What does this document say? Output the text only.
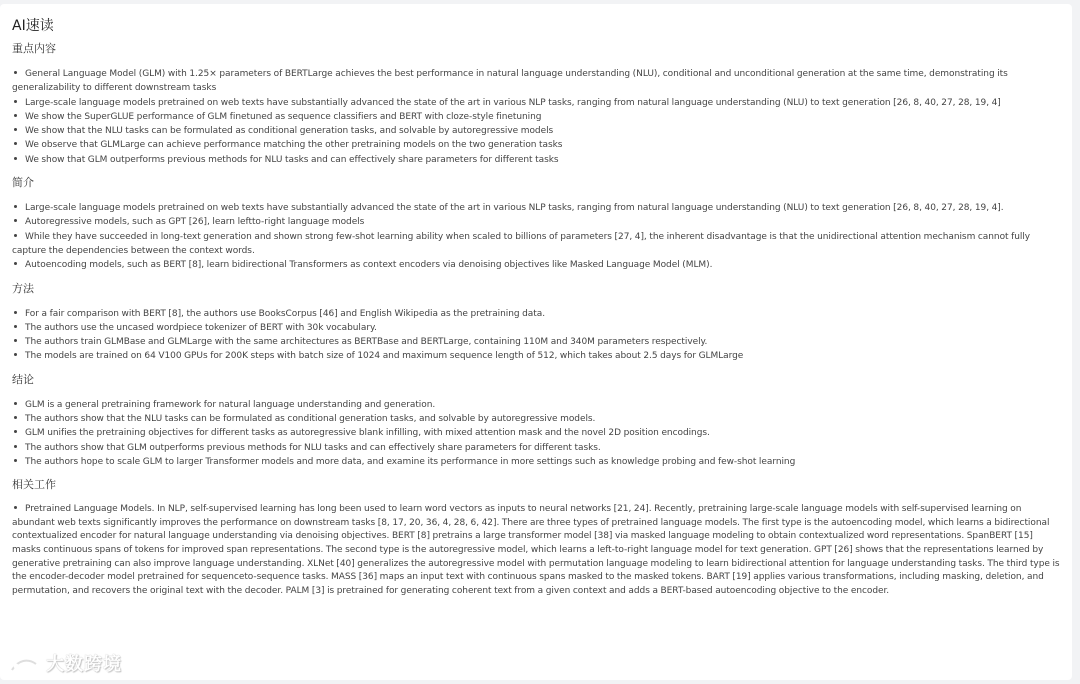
AI速读
重点内容
General Language Model (GLM) with 1.25× parameters of BERTLarge achieves the best performance in natural language understanding (NLU), conditional and unconditional generation at the same time, demonstrating its generalizability to different downstream tasks
Large-scale language models pretrained on web texts have substantially advanced the state of the art in various NLP tasks, ranging from natural language understanding (NLU) to text generation [26, 8, 40, 27, 28, 19, 4]
We show the SuperGLUE performance of GLM finetuned as sequence classifiers and BERT with cloze-style finetuning
We show that the NLU tasks can be formulated as conditional generation tasks, and solvable by autoregressive models
We observe that GLMLarge can achieve performance matching the other pretraining models on the two generation tasks
We show that GLM outperforms previous methods for NLU tasks and can effectively share parameters for different tasks
简介
Large-scale language models pretrained on web texts have substantially advanced the state of the art in various NLP tasks, ranging from natural language understanding (NLU) to text generation [26, 8, 40, 27, 28, 19, 4].
Autoregressive models, such as GPT [26], learn leftto-right language models
While they have succeeded in long-text generation and shown strong few-shot learning ability when scaled to billions of parameters [27, 4], the inherent disadvantage is that the unidirectional attention mechanism cannot fully capture the dependencies between the context words.
Autoencoding models, such as BERT [8], learn bidirectional Transformers as context encoders via denoising objectives like Masked Language Model (MLM).
方法
For a fair comparison with BERT [8], the authors use BooksCorpus [46] and English Wikipedia as the pretraining data.
The authors use the uncased wordpiece tokenizer of BERT with 30k vocabulary.
The authors train GLMBase and GLMLarge with the same architectures as BERTBase and BERTLarge, containing 110M and 340M parameters respectively.
The models are trained on 64 V100 GPUs for 200K steps with batch size of 1024 and maximum sequence length of 512, which takes about 2.5 days for GLMLarge
结论
GLM is a general pretraining framework for natural language understanding and generation.
The authors show that the NLU tasks can be formulated as conditional generation tasks, and solvable by autoregressive models.
GLM unifies the pretraining objectives for different tasks as autoregressive blank infilling, with mixed attention mask and the novel 2D position encodings.
The authors show that GLM outperforms previous methods for NLU tasks and can effectively share parameters for different tasks.
The authors hope to scale GLM to larger Transformer models and more data, and examine its performance in more settings such as knowledge probing and few-shot learning
相关工作
Pretrained Language Models. In NLP, self-supervised learning has long been used to learn word vectors as inputs to neural networks [21, 24]. Recently, pretraining large-scale language models with self-supervised learning on abundant web texts significantly improves the performance on downstream tasks [8, 17, 20, 36, 4, 28, 6, 42]. There are three types of pretrained language models. The first type is the autoencoding model, which learns a bidirectional contextualized encoder for natural language understanding via denoising objectives. BERT [8] pretrains a large transformer model [38] via masked language modeling to obtain contextualized word representations. SpanBERT [15] masks continuous spans of tokens for improved span representations. The second type is the autoregressive model, which learns a left-to-right language model for text generation. GPT [26] shows that the representations learned by generative pretraining can also improve language understanding. XLNet [40] generalizes the autoregressive model with permutation language modeling to learn bidirectional attention for language understanding tasks. The third type is the encoder-decoder model pretrained for sequenceto-sequence tasks. MASS [36] maps an input text with continuous spans masked to the masked tokens. BART [19] applies various transformations, including masking, deletion, and permutation, and recovers the original text with the decoder. PALM [3] is pretrained for generating coherent text from a given context and adds a BERT-based autoencoding objective to the encoder.
大数跨境
